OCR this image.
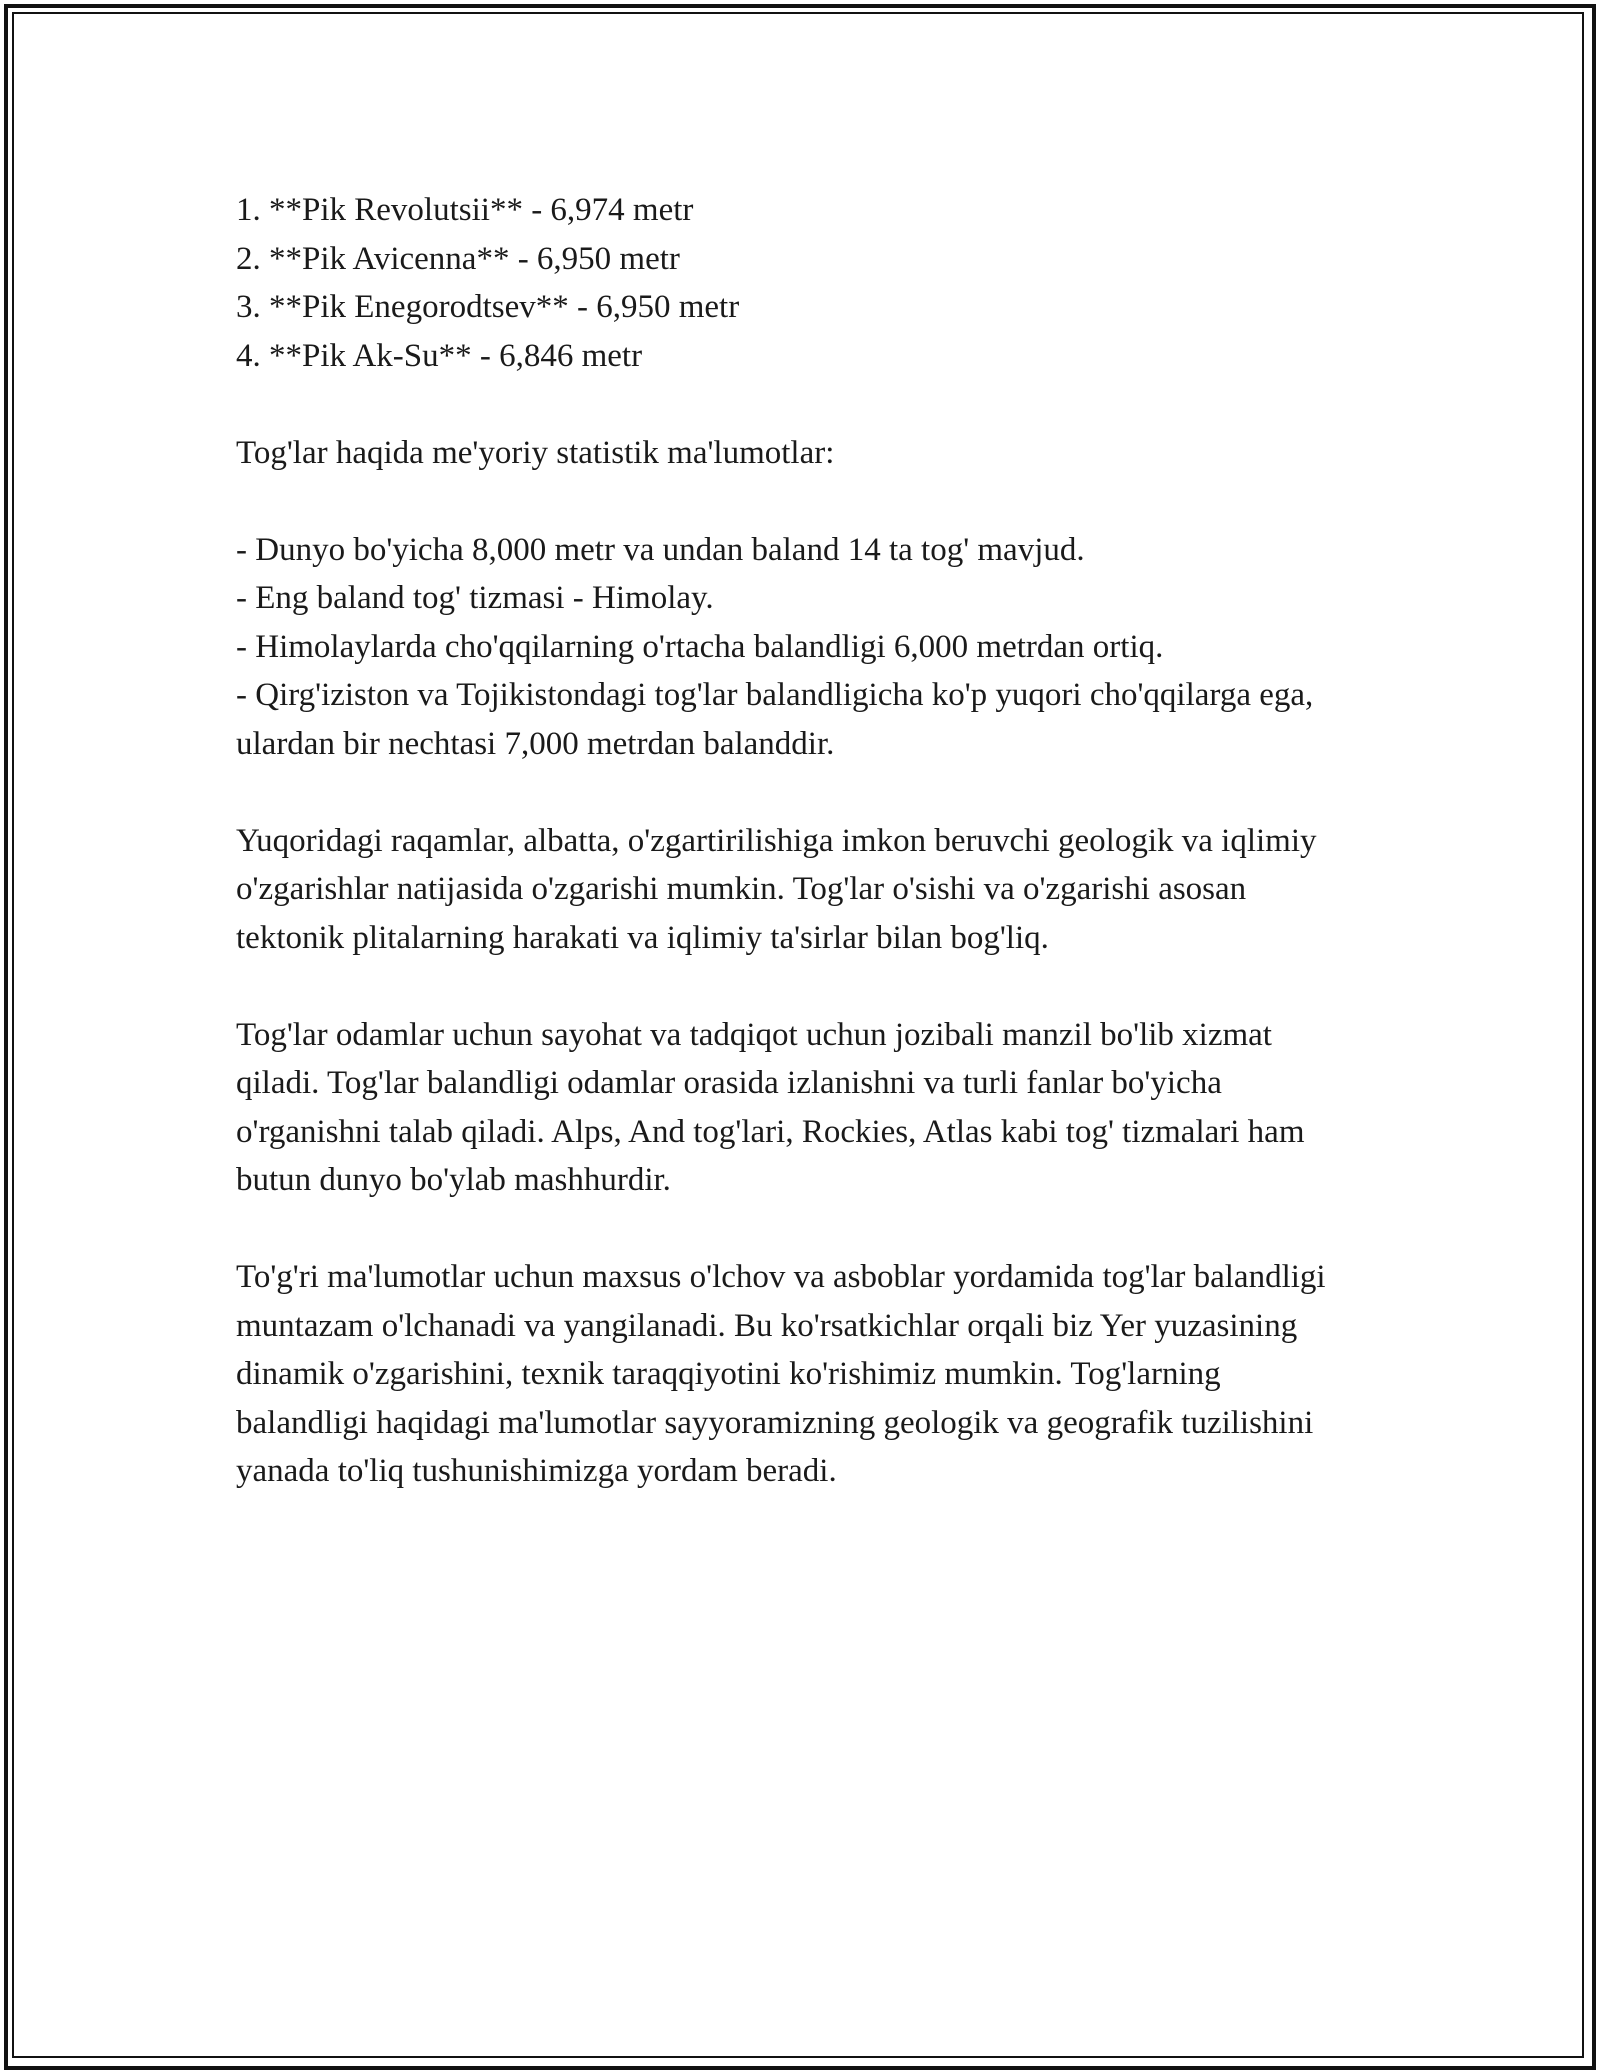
1. **Pik Revolutsii** - 6,974 metr
2. **Pik Avicenna** - 6,950 metr
3. **Pik Enegorodtsev** - 6,950 metr
4. **Pik Ak-Su** - 6,846 metr

Tog'lar haqida me'yoriy statistik ma'lumotlar:

- Dunyo bo'yicha 8,000 metr va undan baland 14 ta tog' mavjud.
- Eng baland tog' tizmasi - Himolay.
- Himolaylarda cho'qqilarning o'rtacha balandligi 6,000 metrdan ortiq.
- Qirg'iziston va Tojikistondagi tog'lar balandligicha ko'p yuqori cho'qqilarga ega, ulardan bir nechtasi 7,000 metrdan balanddir.

Yuqoridagi raqamlar, albatta, o'zgartirilishiga imkon beruvchi geologik va iqlimiy o'zgarishlar natijasida o'zgarishi mumkin. Tog'lar o'sishi va o'zgarishi asosan tektonik plitalarning harakati va iqlimiy ta'sirlar bilan bog'liq.

Tog'lar odamlar uchun sayohat va tadqiqot uchun jozibali manzil bo'lib xizmat qiladi. Tog'lar balandligi odamlar orasida izlanishni va turli fanlar bo'yicha o'rganishni talab qiladi. Alps, And tog'lari, Rockies, Atlas kabi tog' tizmalari ham butun dunyo bo'ylab mashhurdir.

To'g'ri ma'lumotlar uchun maxsus o'lchov va asboblar yordamida tog'lar balandligi muntazam o'lchanadi va yangilanadi. Bu ko'rsatkichlar orqali biz Yer yuzasining dinamik o'zgarishini, texnik taraqqiyotini ko'rishimiz mumkin. Tog'larning balandligi haqidagi ma'lumotlar sayyoramizning geologik va geografik tuzilishini yanada to'liq tushunishimizga yordam beradi.
